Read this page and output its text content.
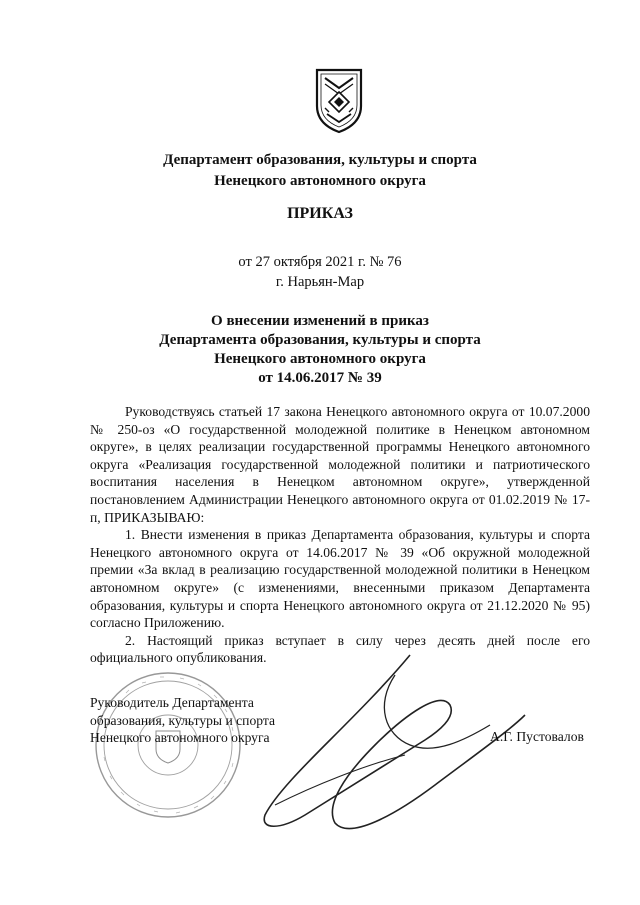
Департамент образования, культуры и спорта
Ненецкого автономного округа
ПРИКАЗ
от 27 октября 2021 г. № 76
г. Нарьян-Мар
О внесении изменений в приказ
Департамента образования, культуры и спорта
Ненецкого автономного округа
от 14.06.2017 № 39

Руководствуясь статьей 17 закона Ненецкого автономного округа от 10.07.2000 № 250-оз «О государственной молодежной политике в Ненецком автономном округе», в целях реализации государственной программы Ненецкого автономного округа «Реализация государственной молодежной политики и патриотического воспитания населения в Ненецком автономном округе», утвержденной постановлением Администрации Ненецкого автономного округа от 01.02.2019 № 17-п, ПРИКАЗЫВАЮ:

1. Внести изменения в приказ Департамента образования, культуры и спорта Ненецкого автономного округа от 14.06.2017 № 39 «Об окружной молодежной премии «За вклад в реализацию государственной молодежной политики в Ненецком автономном округе» (с изменениями, внесенными приказом Департамента образования, культуры и спорта Ненецкого автономного округа от 21.12.2020 № 95) согласно Приложению.

2. Настоящий приказ вступает в силу через десять дней после его официального опубликования.

Руководитель Департамента
образования, культуры и спорта
Ненецкого автономного округа	А.Г. Пустовалов
